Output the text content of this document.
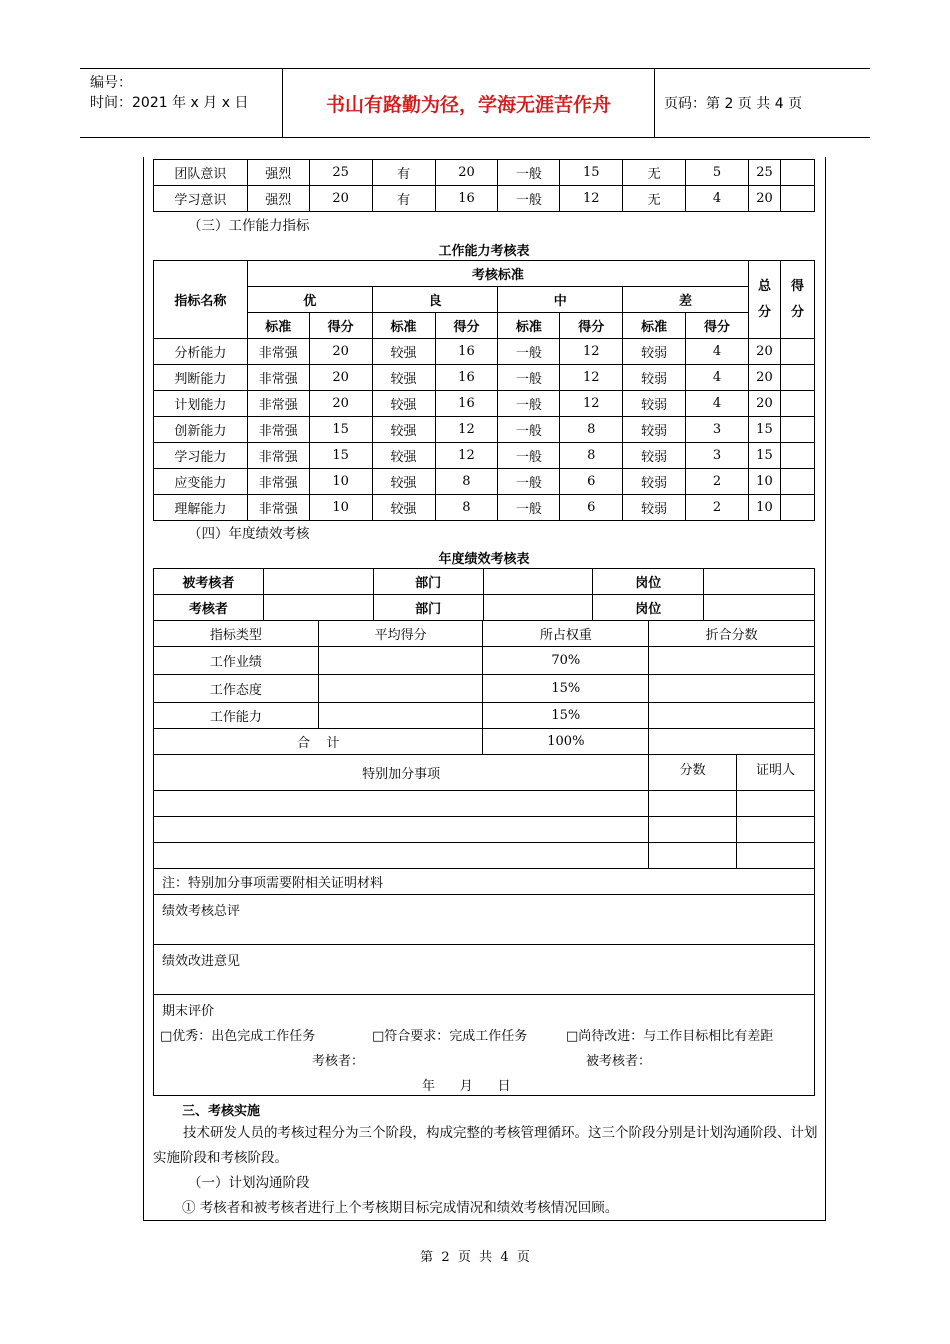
编号：
时间：2021 年 x 月 x 日	书山有路勤为径，学海无涯苦作舟	页码：第 2 页 共 4 页
团队意识	强烈	25	有	20	一般	15	无	5	25	
学习意识	强烈	20	有	16	一般	12	无	4	20	
（三）工作能力指标
工作能力考核表
指标名称	考核标准								总分	得分
	优		良		中		差			
	标准	得分	标准	得分	标准	得分	标准	得分		
分析能力	非常强	20	较强	16	一般	12	较弱	4	20	
判断能力	非常强	20	较强	16	一般	12	较弱	4	20	
计划能力	非常强	20	较强	16	一般	12	较弱	4	20	
创新能力	非常强	15	较强	12	一般	8	较弱	3	15	
学习能力	非常强	15	较强	12	一般	8	较弱	3	15	
应变能力	非常强	10	较强	8	一般	6	较弱	2	10	
理解能力	非常强	10	较强	8	一般	6	较弱	2	10	
（四）年度绩效考核
年度绩效考核表
被考核者		部门		岗位	
考核者		部门		岗位	
指标类型	平均得分	所占权重	折合分数
工作业绩		70%	
工作态度		15%	
工作能力		15%	
合    计		100%	
特别加分事项	分数	证明人

注：特别加分事项需要附相关证明材料
绩效考核总评
绩效改进意见

期末评价
□优秀：出色完成工作任务	□符合要求：完成工作任务	□尚待改进：与工作目标相比有差距
考核者：	被考核者：
年      月      日
三、考核实施
技术研发人员的考核过程分为三个阶段，构成完整的考核管理循环。这三个阶段分别是计划沟通阶段、计划实施阶段和考核阶段。
（一）计划沟通阶段
① 考核者和被考核者进行上个考核期目标完成情况和绩效考核情况回顾。
第  2  页  共  4  页
